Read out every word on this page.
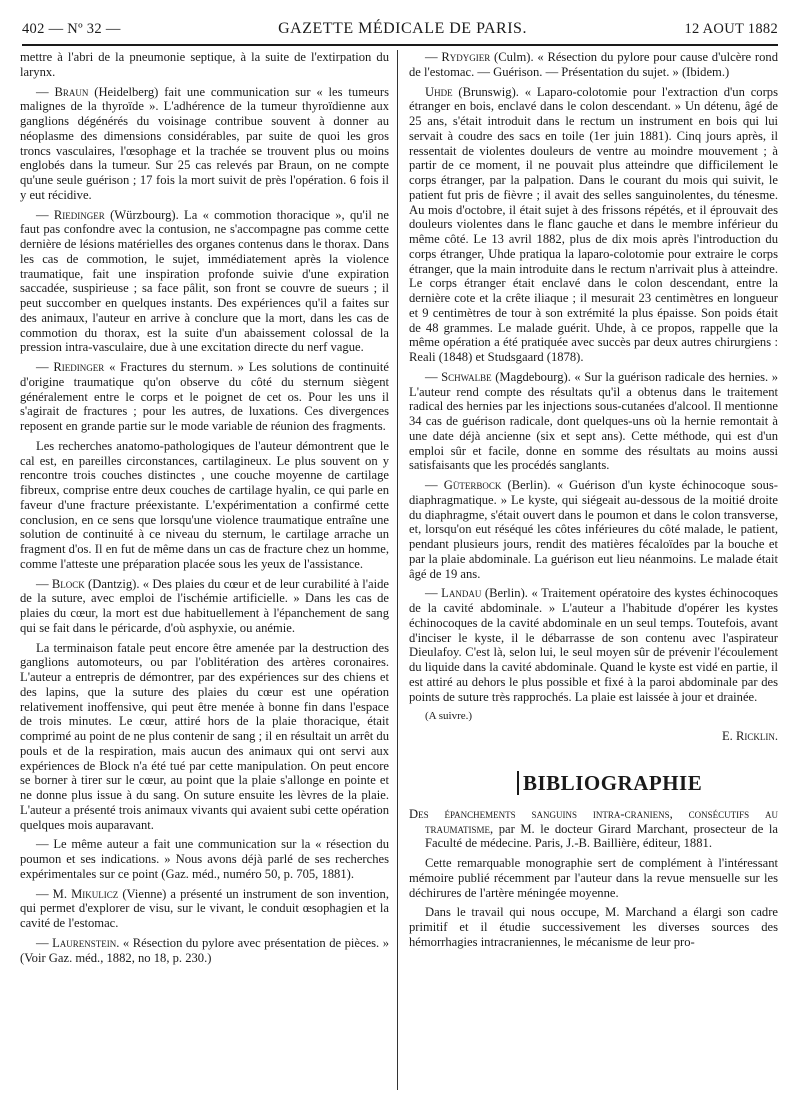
402 — Nº 32 —	GAZETTE MÉDICALE DE PARIS.	12 AOUT 1882

mettre à l'abri de la pneumonie septique, à la suite de l'extirpation du larynx.

— Braun (Heidelberg) fait une communication sur « les tumeurs malignes de la thyroïde ». L'adhérence de la tumeur thyroïdienne aux ganglions dégénérés du voisinage contribue souvent à donner au néoplasme des dimensions considérables, par suite de quoi les gros troncs vasculaires, l'œsophage et la trachée se trouvent plus ou moins englobés dans la tumeur. Sur 25 cas relevés par Braun, on ne compte qu'une seule guérison ; 17 fois la mort suivit de près l'opération. 6 fois il y eut récidive.

— Riedinger (Würzbourg). La « commotion thoracique », qu'il ne faut pas confondre avec la contusion, ne s'accompagne pas comme cette dernière de lésions matérielles des organes contenus dans le thorax. Dans les cas de commotion, le sujet, immédiatement après la violence traumatique, fait une inspiration profonde suivie d'une expiration saccadée, suspirieuse ; sa face pâlit, son front se couvre de sueurs ; il peut succomber en quelques instants. Des expériences qu'il a faites sur des animaux, l'auteur en arrive à conclure que la mort, dans les cas de commotion du thorax, est la suite d'un abaissement colossal de la pression intra-vasculaire, due à une excitation directe du nerf vague.

— Riedinger « Fractures du sternum. » Les solutions de continuité d'origine traumatique qu'on observe du côté du sternum siègent généralement entre le corps et le poignet de cet os. Pour les uns il s'agirait de fractures ; pour les autres, de luxations. Ces divergences reposent en grande partie sur le mode variable de réunion des fragments.

Les recherches anatomo-pathologiques de l'auteur démontrent que le cal est, en pareilles circonstances, cartilagineux. Le plus souvent on y rencontre trois couches distinctes , une couche moyenne de cartilage fibreux, comprise entre deux couches de cartilage hyalin, ce qui parle en faveur d'une fracture préexistante. L'expérimentation a confirmé cette conclusion, en ce sens que lorsqu'une violence traumatique entraîne une solution de continuité à ce niveau du sternum, le cartilage arrache un fragment d'os. Il en fut de même dans un cas de fracture chez un homme, comme l'atteste une préparation placée sous les yeux de l'assistance.

— Block (Dantzig). « Des plaies du cœur et de leur curabilité à l'aide de la suture, avec emploi de l'ischémie artificielle. » Dans les cas de plaies du cœur, la mort est due habituellement à l'épanchement de sang qui se fait dans le péricarde, d'où asphyxie, ou anémie.

La terminaison fatale peut encore être amenée par la destruction des ganglions automoteurs, ou par l'oblitération des artères coronaires. L'auteur a entrepris de démontrer, par des expériences sur des chiens et des lapins, que la suture des plaies du cœur est une opération relativement inoffensive, qui peut être menée à bonne fin dans l'espace de trois minutes. Le cœur, attiré hors de la plaie thoracique, était comprimé au point de ne plus contenir de sang ; il en résultait un arrêt du pouls et de la respiration, mais aucun des animaux qui ont servi aux expériences de Block n'a été tué par cette manipulation. On peut encore se borner à tirer sur le cœur, au point que la plaie s'allonge en pointe et ne donne plus issue à du sang. On suture ensuite les lèvres de la plaie. L'auteur a présenté trois animaux vivants qui avaient subi cette opération quelques mois auparavant.

— Le même auteur a fait une communication sur la « résection du poumon et ses indications. » Nous avons déjà parlé de ses recherches expérimentales sur ce point (Gaz. méd., numéro 50, p. 705, 1881).

— M. Mikulicz (Vienne) a présenté un instrument de son invention, qui permet d'explorer de visu, sur le vivant, le conduit œsophagien et la cavité de l'estomac.

— Laurenstein. « Résection du pylore avec présentation de pièces. » (Voir Gaz. méd., 1882, no 18, p. 230.)

— Rydygier (Culm). « Résection du pylore pour cause d'ulcère rond de l'estomac. — Guérison. — Présentation du sujet. » (Ibidem.)

Uhde (Brunswig). « Laparo-colotomie pour l'extraction d'un corps étranger en bois, enclavé dans le colon descendant. » Un détenu, âgé de 25 ans, s'était introduit dans le rectum un instrument en bois qui lui servait à coudre des sacs en toile (1er juin 1881). Cinq jours après, il ressentait de violentes douleurs de ventre au moindre mouvement ; à partir de ce moment, il ne pouvait plus atteindre que difficilement le corps étranger, par la palpation. Dans le courant du mois qui suivit, le patient fut pris de fièvre ; il avait des selles sanguinolentes, du ténesme. Au mois d'octobre, il était sujet à des frissons répétés, et il éprouvait des douleurs violentes dans le flanc gauche et dans le membre inférieur du même côté. Le 13 avril 1882, plus de dix mois après l'introduction du corps étranger, Uhde pratiqua la laparo-colotomie pour extraire le corps étranger, que la main introduite dans le rectum n'arrivait plus à atteindre. Le corps étranger était enclavé dans le colon descendant, entre la dernière cote et la crête iliaque ; il mesurait 23 centimètres en longueur et 9 centimètres de tour à son extrémité la plus épaisse. Son poids était de 48 grammes. Le malade guérit. Uhde, à ce propos, rappelle que la même opération a été pratiquée avec succès par deux autres chirurgiens : Reali (1848) et Studsgaard (1878).

— Schwalbe (Magdebourg). « Sur la guérison radicale des hernies. » L'auteur rend compte des résultats qu'il a obtenus dans le traitement radical des hernies par les injections sous-cutanées d'alcool. Il mentionne 34 cas de guérison radicale, dont quelques-uns où la hernie remontait à une date déjà ancienne (six et sept ans). Cette méthode, qui est d'un emploi sûr et facile, donne en somme des résultats au moins aussi satisfaisants que les procédés sanglants.

— Güterbock (Berlin). « Guérison d'un kyste échinocoque sous-diaphragmatique. » Le kyste, qui siégeait au-dessous de la moitié droite du diaphragme, s'était ouvert dans le poumon et dans le colon transverse, et, lorsqu'on eut réséqué les côtes inférieures du côté malade, le patient, pendant plusieurs jours, rendit des matières fécaloïdes par la bouche et par la plaie abdominale. La guérison eut lieu néanmoins. Le malade était âgé de 19 ans.

— Landau (Berlin). « Traitement opératoire des kystes échinocoques de la cavité abdominale. » L'auteur a l'habitude d'opérer les kystes échinocoques de la cavité abdominale en un seul temps. Toutefois, avant d'inciser le kyste, il le débarrasse de son contenu avec l'aspirateur Dieulafoy. C'est là, selon lui, le seul moyen sûr de prévenir l'écoulement du liquide dans la cavité abdominale. Quand le kyste est vidé en partie, il est attiré au dehors le plus possible et fixé à la paroi abdominale par des points de suture très rapprochés. La plaie est laissée à jour et drainée.

(A suivre.)

E. Ricklin.

BIBLIOGRAPHIE

Des épanchements sanguins intra-craniens, consécutifs au traumatisme, par M. le docteur Girard Marchant, prosecteur de la Faculté de médecine. Paris, J.-B. Baillière, éditeur, 1881.

Cette remarquable monographie sert de complément à l'intéressant mémoire publié récemment par l'auteur dans la revue mensuelle sur les déchirures de l'artère méningée moyenne.

Dans le travail qui nous occupe, M. Marchand a élargi son cadre primitif et il étudie successivement les diverses sources des hémorrhagies intracraniennes, le mécanisme de leur pro-
